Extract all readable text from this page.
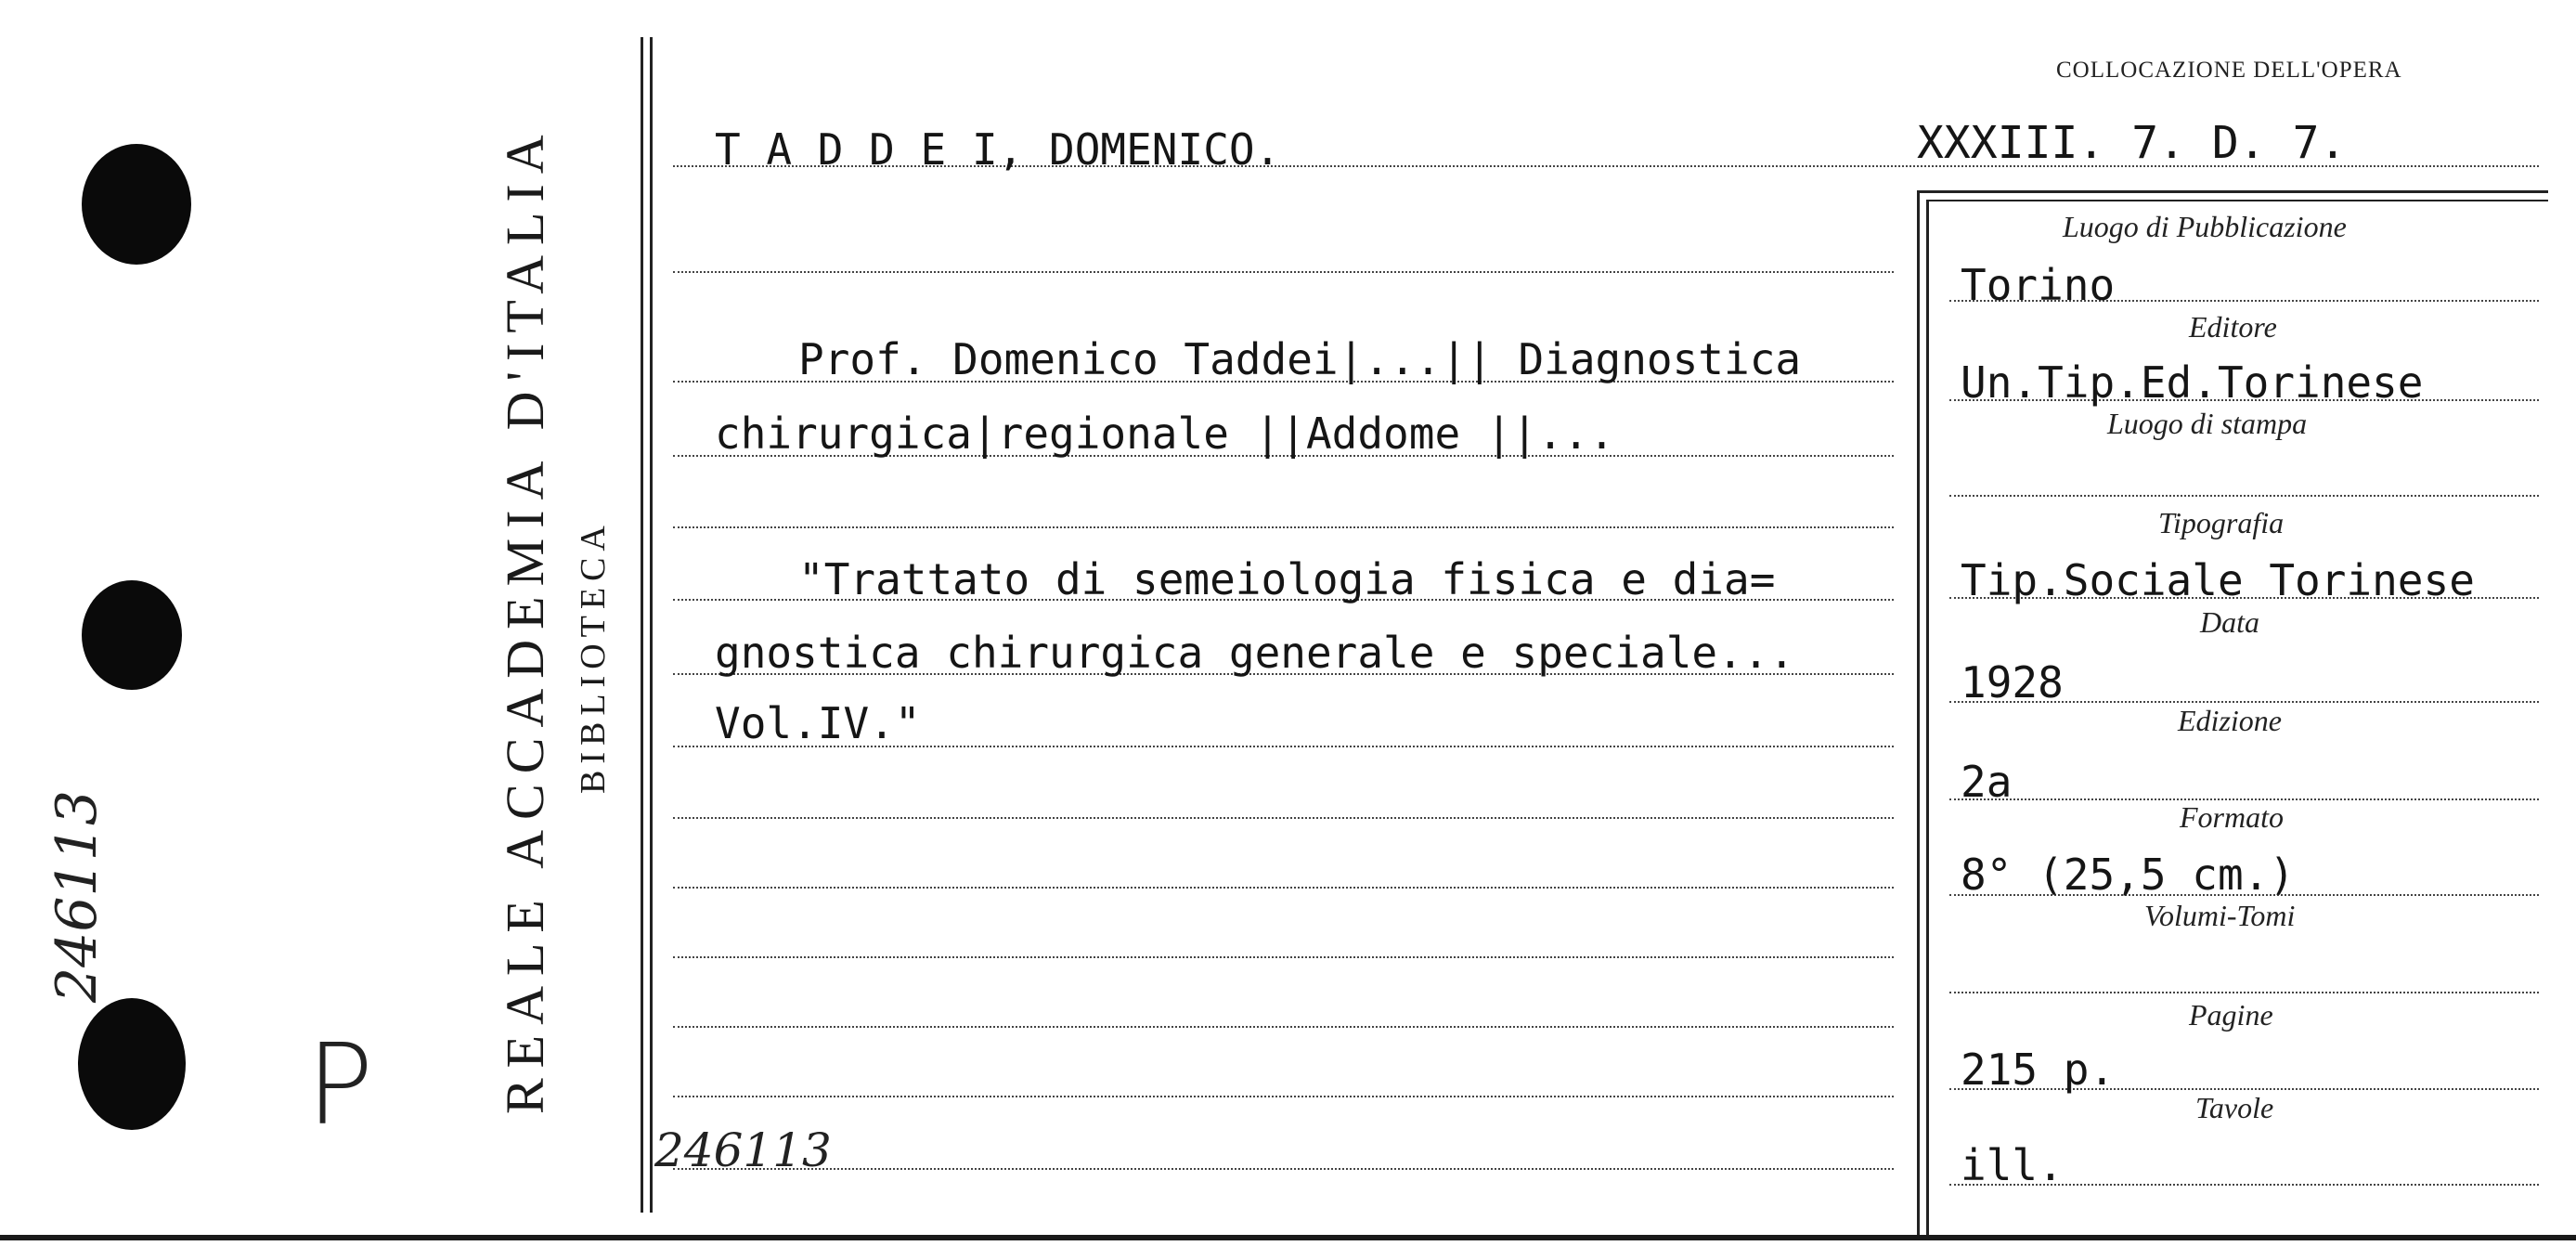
246113
P REALE ACCADEMIA D'ITALIA BIBLIOTECA
COLLOCAZIONE DELL'OPERA
XXXIII. 7. D. 7.
T A D D E I, DOMENICO.
Prof. Domenico Taddei|...|| Diagnostica
chirurgica|regionale ||Addome ||...
"Trattato di semeiologia fisica e dia=
gnostica chirurgica generale e speciale...
Vol.IV."
246113
Luogo di Pubblicazione
Torino
Editore
Un.Tip.Ed.Torinese
Luogo di stampa
Tipografia
Tip.Sociale Torinese
Data
1928
Edizione
2a
Formato
8° (25,5 cm.)
Volumi-Tomi
Pagine
215 p.
Tavole
ill.
